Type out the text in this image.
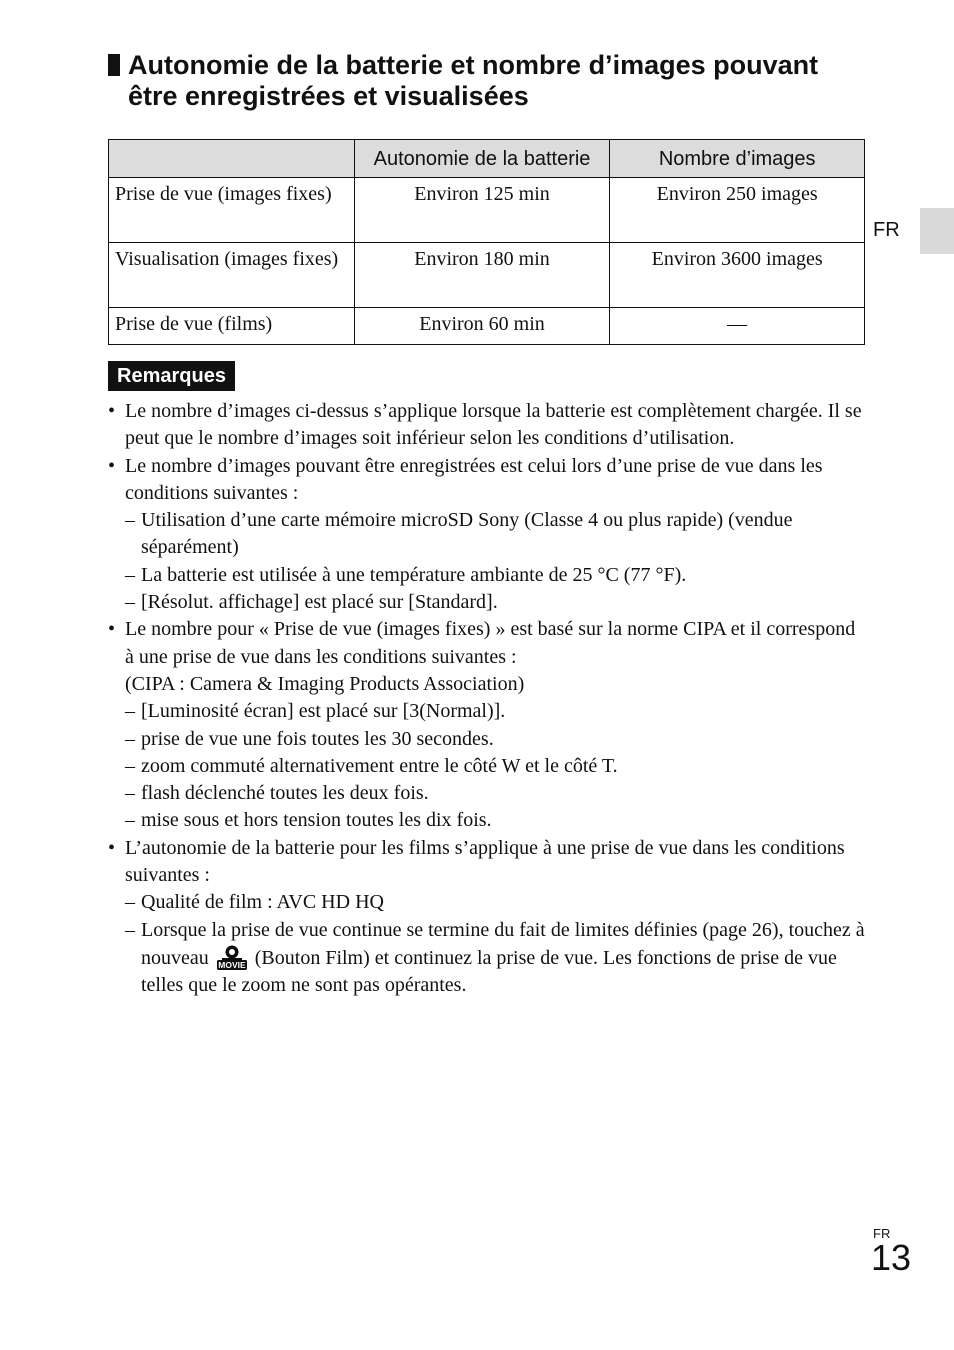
Autonomie de la batterie et nombre d’images pouvant
être enregistrées et visualisées
	Autonomie de la batterie	Nombre d’images
Prise de vue (images fixes)	Environ 125 min	Environ 250 images
Visualisation (images fixes)	Environ 180 min	Environ 3600 images
Prise de vue (films)	Environ 60 min	—
FR
Remarques
• Le nombre d’images ci-dessus s’applique lorsque la batterie est complètement chargée. Il se peut que le nombre d’images soit inférieur selon les conditions d’utilisation.
• Le nombre d’images pouvant être enregistrées est celui lors d’une prise de vue dans les conditions suivantes :
– Utilisation d’une carte mémoire microSD Sony (Classe 4 ou plus rapide) (vendue séparément)
– La batterie est utilisée à une température ambiante de 25 °C (77 °F).
– [Résolut. affichage] est placé sur [Standard].
• Le nombre pour « Prise de vue (images fixes) » est basé sur la norme CIPA et il correspond à une prise de vue dans les conditions suivantes :
(CIPA : Camera & Imaging Products Association)
– [Luminosité écran] est placé sur [3(Normal)].
– prise de vue une fois toutes les 30 secondes.
– zoom commuté alternativement entre le côté W et le côté T.
– flash déclenché toutes les deux fois.
– mise sous et hors tension toutes les dix fois.
• L’autonomie de la batterie pour les films s’applique à une prise de vue dans les conditions suivantes :
– Qualité de film : AVC HD HQ
– Lorsque la prise de vue continue se termine du fait de limites définies (page 26), touchez à nouveau MOVIE (Bouton Film) et continuez la prise de vue. Les fonctions de prise de vue telles que le zoom ne sont pas opérantes.
FR
13
